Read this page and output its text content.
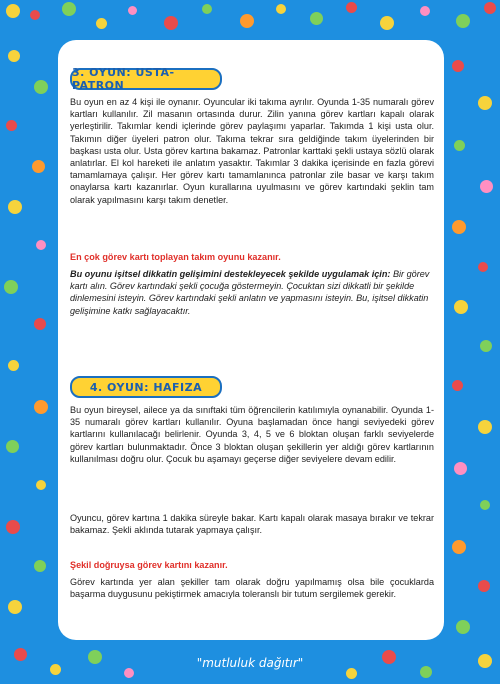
3. OYUN: USTA-PATRON

Bu oyun en az 4 kişi ile oynanır. Oyuncular iki takıma ayrılır. Oyunda 1-35 numaralı görev kartları kullanılır. Zil masanın ortasında durur. Zilin yanına görev kartları kapalı olarak yerleştirilir. Takımlar kendi içlerinde görev paylaşımı yaparlar. Takımda 1 kişi usta olur. Takımın diğer üyeleri patron olur. Takıma tekrar sıra geldiğinde takım üyelerinden bir başkası usta olur. Usta görev kartına bakamaz. Patronlar karttaki şekli ustaya sözlü olarak anlatırlar. El kol hareketi ile anlatım yasaktır. Takımlar 3 dakika içerisinde en fazla görevi tamamlamaya çalışır. Her görev kartı tamamlanınca patronlar zile basar ve karşı takım onaylarsa kartı kazanırlar. Oyun kurallarına uyulmasını ve görev kartındaki şeklin tam olarak yapılmasını karşı takım denetler.

En çok görev kartı toplayan takım oyunu kazanır.

Bu oyunu işitsel dikkatin gelişimini destekleyecek şekilde uygulamak için: Bir görev kartı alın. Görev kartındaki şekli çocuğa göstermeyin. Çocuktan sizi dikkatli bir şekilde dinlemesini isteyin. Görev kartındaki şekli anlatın ve yapmasını isteyin. Bu, işitsel dikkatin gelişimine katkı sağlayacaktır.

4. OYUN: HAFIZA

Bu oyun bireysel, ailece ya da sınıftaki tüm öğrencilerin katılımıyla oynanabilir. Oyunda 1-35 numaralı görev kartları kullanılır. Oyuna başlamadan önce hangi seviyedeki görev kartlarını kullanılacağı belirlenir. Oyunda 3, 4, 5 ve 6 bloktan oluşan farklı seviyelerde görev kartları bulunmaktadır. Önce 3 bloktan oluşan şekillerin yer aldığı görev kartlarının kullanılması doğru olur. Çocuk bu aşamayı geçerse diğer seviyelere devam edilir.

Oyuncu, görev kartına 1 dakika süreyle bakar. Kartı kapalı olarak masaya bırakır ve tekrar bakamaz. Şekli aklında tutarak yapmaya çalışır.

Şekil doğruysa görev kartını kazanır.

Görev kartında yer alan şekiller tam olarak doğru yapılmamış olsa bile çocuklarda başarma duygusunu pekiştirmek amacıyla toleranslı bir tutum sergilemek gerekir.

"mutluluk dağıtır"
